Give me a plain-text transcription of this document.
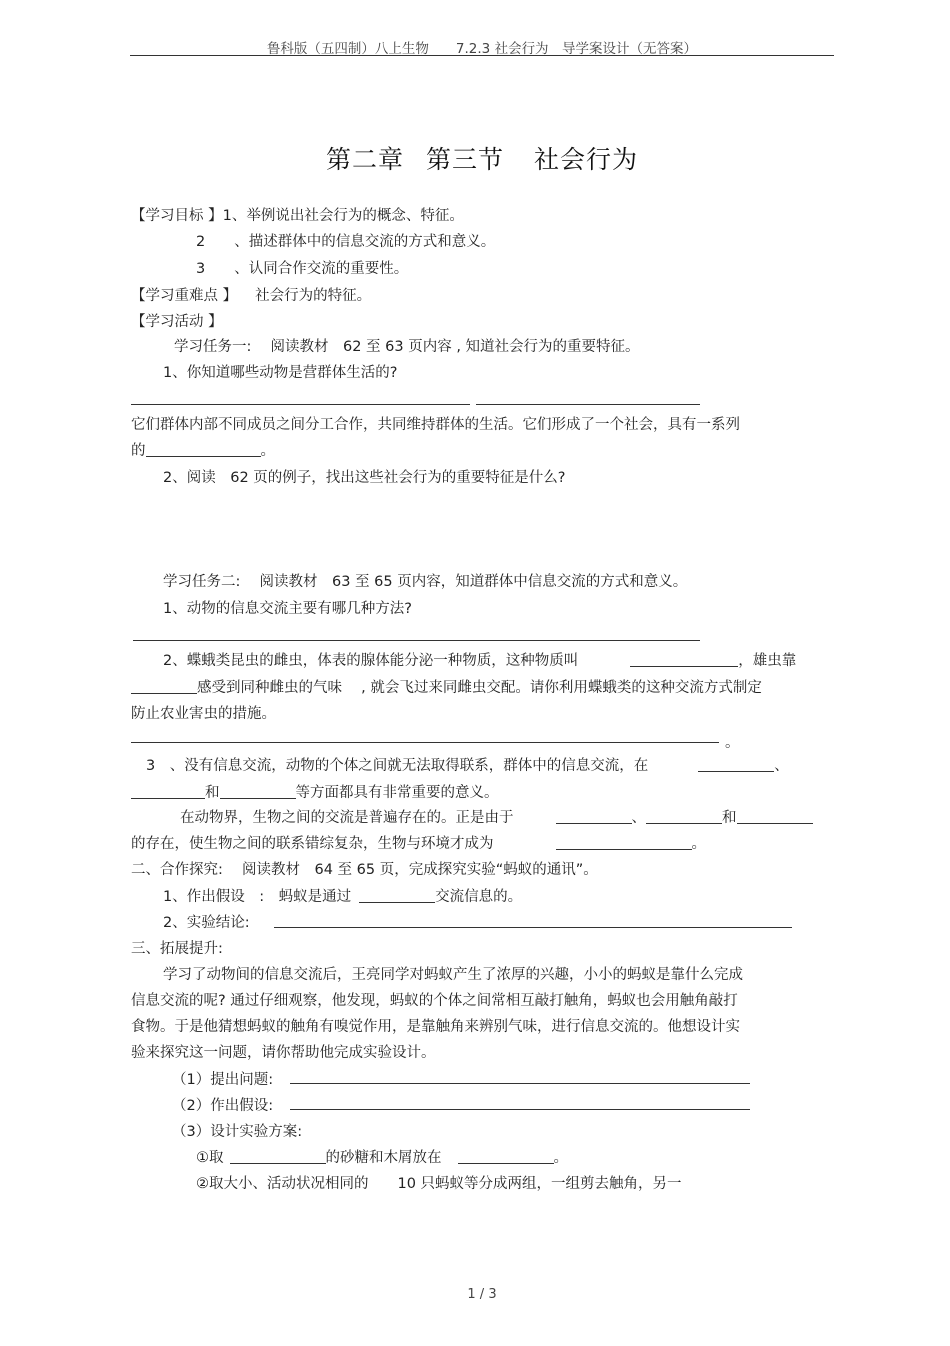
鲁科版（五四制）八上生物　　7.2.3 社会行为　导学案设计（无答案）
第二章 第三节 社会行为
【学习目标 】1、举例说出社会行为的概念、特征。
2　　、描述群体中的信息交流的方式和意义。
3　　、认同合作交流的重要性。
【学习重难点 】 社会行为的特征。
【学习活动 】
学习任务一:　 阅读教材　62 至 63 页内容 , 知道社会行为的重要特征。
1、你知道哪些动物是营群体生活的?
它们群体内部不同成员之间分工合作，共同维持群体的生活。它们形成了一个社会，具有一系列
的	。
2、阅读　62 页的例子，找出这些社会行为的重要特征是什么?
学习任务二:　 阅读教材　63 至 65 页内容，知道群体中信息交流的方式和意义。
1、动物的信息交流主要有哪几种方法?
2、蝶蛾类昆虫的雌虫，体表的腺体能分泌一种物质，这种物质叫	，雄虫靠
感受到同种雌虫的气味　 , 就会飞过来同雌虫交配。请你利用蝶蛾类的这种交流方式制定
防止农业害虫的措施。
。
3　、没有信息交流，动物的个体之间就无法取得联系，群体中的信息交流，在	、
和	等方面都具有非常重要的意义。
在动物界，生物之间的交流是普遍存在的。正是由于	、	和
的存在，使生物之间的联系错综复杂，生物与环境才成为	。
二、合作探究:　 阅读教材　64 至 65 页，完成探究实验“蚂蚁的通讯”。
1、作出假设　:　蚂蚁是通过	交流信息的。
2、实验结论:
三、拓展提升:
学习了动物间的信息交流后，王亮同学对蚂蚁产生了浓厚的兴趣，小小的蚂蚁是靠什么完成
信息交流的呢? 通过仔细观察，他发现，蚂蚁的个体之间常相互敲打触角，蚂蚁也会用触角敲打
食物。于是他猜想蚂蚁的触角有嗅觉作用，是靠触角来辨别气味，进行信息交流的。他想设计实
验来探究这一问题，请你帮助他完成实验设计。
（1）提出问题:
（2）作出假设:
（3）设计实验方案:
①取	的砂糖和木屑放在	。
②取大小、活动状况相同的　　10 只蚂蚁等分成两组，一组剪去触角，另一
1 / 3
